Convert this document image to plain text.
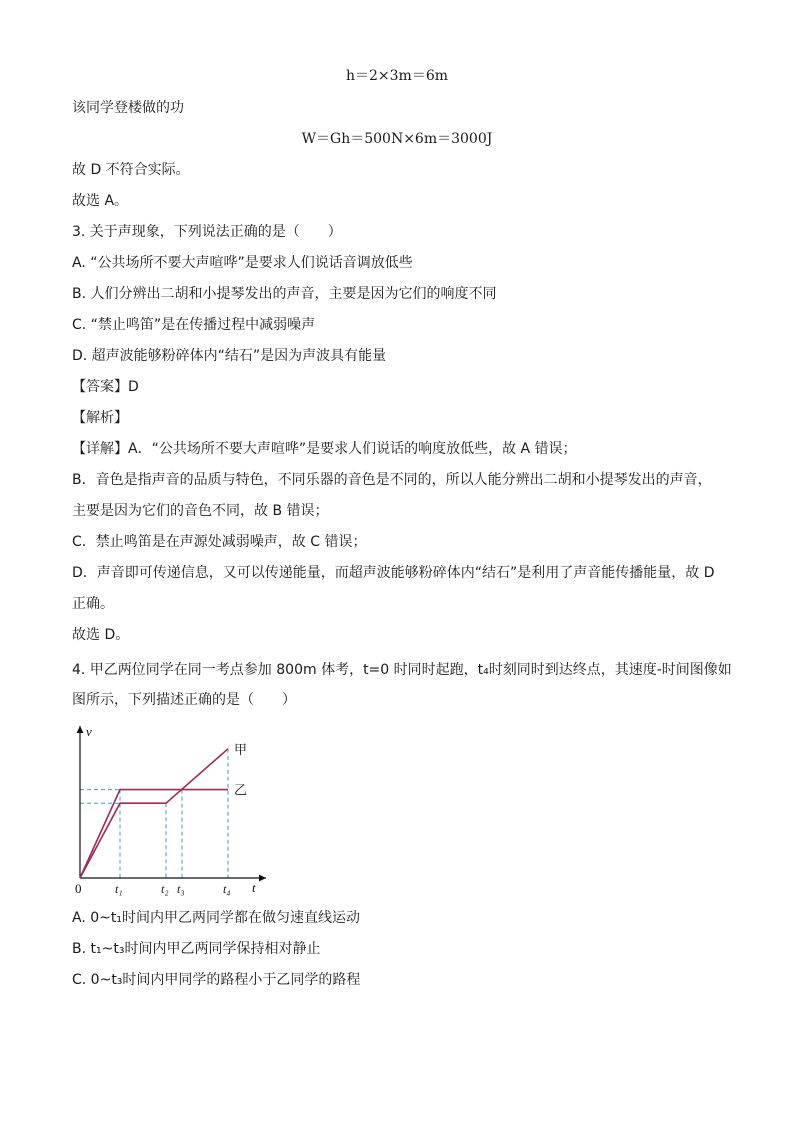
h＝2×3m＝6m
该同学登楼做的功
W＝Gh＝500N×6m＝3000J
故 D 不符合实际。
故选 A。
3. 关于声现象，下列说法正确的是（　　）
A. “公共场所不要大声喧哗”是要求人们说话音调放低些
B. 人们分辨出二胡和小提琴发出的声音，主要是因为它们的响度不同
C. “禁止鸣笛”是在传播过程中减弱噪声
D. 超声波能够粉碎体内“结石”是因为声波具有能量
【答案】D
【解析】
【详解】A．“公共场所不要大声喧哗”是要求人们说话的响度放低些，故 A 错误；
B．音色是指声音的品质与特色，不同乐器的音色是不同的，所以人能分辨出二胡和小提琴发出的声音，
主要是因为它们的音色不同，故 B 错误；
C．禁止鸣笛是在声源处减弱噪声，故 C 错误；
D．声音即可传递信息，又可以传递能量，而超声波能够粉碎体内“结石”是利用了声音能传播能量，故 D
正确。
故选 D。
4. 甲乙两位同学在同一考点参加 800m 体考，t=0 时同时起跑，t₄时刻同时到达终点，其速度-时间图像如
图所示，下列描述正确的是（　　）
v
t
0	t₁	t₂ t₃	t₄
甲
乙
A. 0~t₁时间内甲乙两同学都在做匀速直线运动
B. t₁~t₃时间内甲乙两同学保持相对静止
C. 0~t₃时间内甲同学的路程小于乙同学的路程
